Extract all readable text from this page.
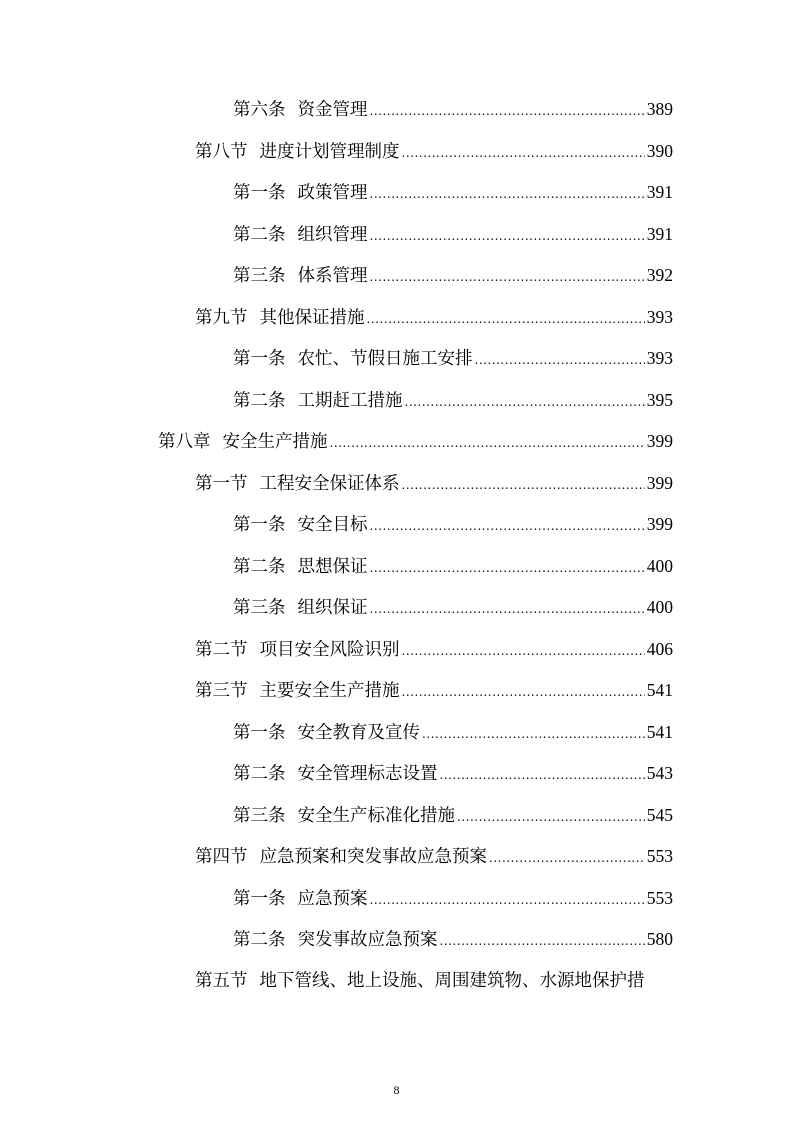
第六条 资金管理 .....	389
第八节 进度计划管理制度 .....	390
第一条 政策管理 .....	391
第二条 组织管理 .....	391
第三条 体系管理 .....	392
第九节 其他保证措施 .....	393
第一条 农忙、节假日施工安排 .....	393
第二条 工期赶工措施 .....	395
第八章 安全生产措施 .....	399
第一节 工程安全保证体系 .....	399
第一条 安全目标 .....	399
第二条 思想保证 .....	400
第三条 组织保证 .....	400
第二节 项目安全风险识别 .....	406
第三节 主要安全生产措施 .....	541
第一条 安全教育及宣传 .....	541
第二条 安全管理标志设置 .....	543
第三条 安全生产标准化措施 .....	545
第四节 应急预案和突发事故应急预案 .....	553
第一条 应急预案 .....	553
第二条 突发事故应急预案 .....	580
第五节 地下管线、地上设施、周围建筑物、水源地保护措
8
